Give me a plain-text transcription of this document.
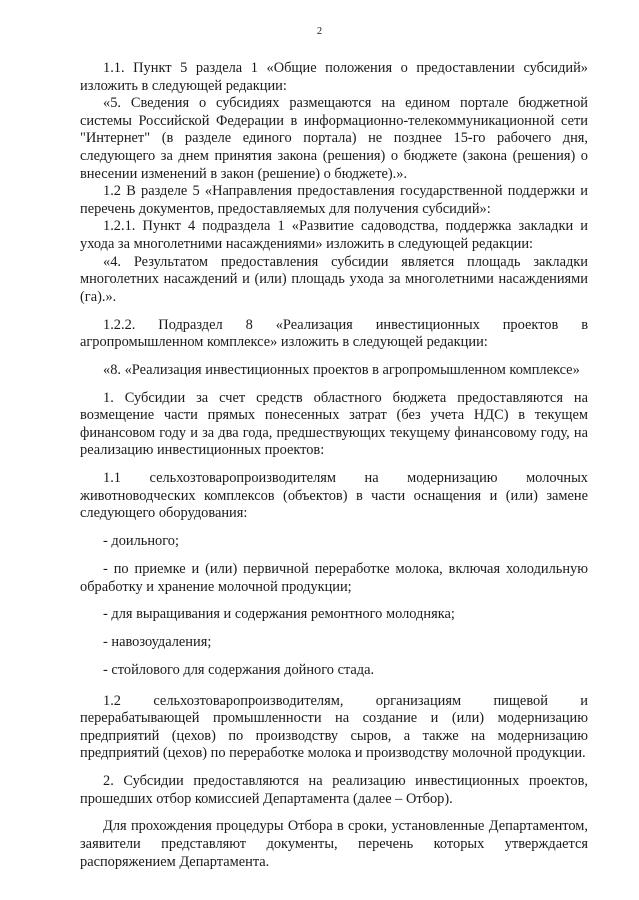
2

1.1. Пункт 5 раздела 1 «Общие положения о предоставлении субсидий» изложить в следующей редакции:

«5. Сведения о субсидиях размещаются на едином портале бюджетной системы Российской Федерации в информационно-телекоммуникационной сети "Интернет" (в разделе единого портала) не позднее 15-го рабочего дня, следующего за днем принятия закона (решения) о бюджете (закона (решения) о внесении изменений в закон (решение) о бюджете).».

1.2 В разделе 5 «Направления предоставления государственной поддержки и перечень документов, предоставляемых для получения субсидий»:

1.2.1. Пункт 4 подраздела 1 «Развитие садоводства, поддержка закладки и ухода за многолетними насаждениями» изложить в следующей редакции:

«4. Результатом предоставления субсидии является площадь закладки многолетних насаждений и (или) площадь ухода за многолетними насаждениями (га).».

1.2.2. Подраздел 8 «Реализация инвестиционных проектов в агропромышленном комплексе» изложить в следующей редакции:

«8. «Реализация инвестиционных проектов в агропромышленном комплексе»

1. Субсидии за счет средств областного бюджета предоставляются на возмещение части прямых понесенных затрат (без учета НДС) в текущем финансовом году и за два года, предшествующих текущему финансовому году, на реализацию инвестиционных проектов:

1.1 сельхозтоваропроизводителям на модернизацию молочных животноводческих комплексов (объектов) в части оснащения и (или) замене следующего оборудования:

- доильного;

- по приемке и (или) первичной переработке молока, включая холодильную обработку и хранение молочной продукции;

- для выращивания и содержания ремонтного молодняка;

- навозоудаления;

- стойлового для содержания дойного стада.

1.2 сельхозтоваропроизводителям, организациям пищевой и перерабатывающей промышленности на создание и (или) модернизацию предприятий (цехов) по производству сыров, а также на модернизацию предприятий (цехов) по переработке молока и производству молочной продукции.

2. Субсидии предоставляются на реализацию инвестиционных проектов, прошедших отбор комиссией Департамента (далее – Отбор).

Для прохождения процедуры Отбора в сроки, установленные Департаментом, заявители представляют документы, перечень которых утверждается распоряжением Департамента.
